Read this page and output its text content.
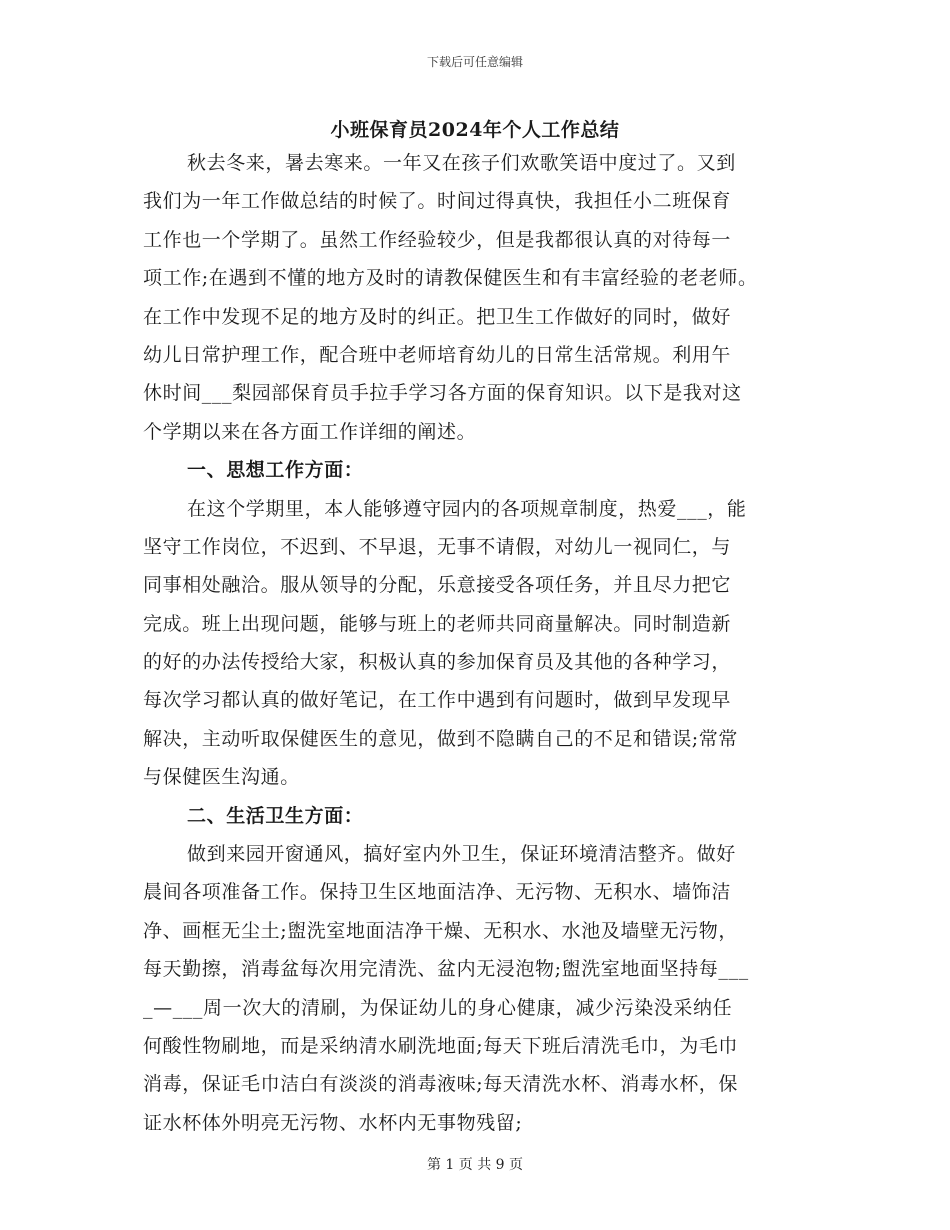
下载后可任意编辑
小班保育员2024年个人工作总结
秋去冬来，暑去寒来。一年又在孩子们欢歌笑语中度过了。又到
我们为一年工作做总结的时候了。时间过得真快，我担任小二班保育
工作也一个学期了。虽然工作经验较少，但是我都很认真的对待每一
项工作;在遇到不懂的地方及时的请教保健医生和有丰富经验的老老师。
在工作中发现不足的地方及时的纠正。把卫生工作做好的同时，做好
幼儿日常护理工作，配合班中老师培育幼儿的日常生活常规。利用午
休时间___梨园部保育员手拉手学习各方面的保育知识。以下是我对这
个学期以来在各方面工作详细的阐述。
一、思想工作方面：
在这个学期里，本人能够遵守园内的各项规章制度，热爱___，能
坚守工作岗位，不迟到、不早退，无事不请假，对幼儿一视同仁，与
同事相处融洽。服从领导的分配，乐意接受各项任务，并且尽力把它
完成。班上出现问题，能够与班上的老师共同商量解决。同时制造新
的好的办法传授给大家，积极认真的参加保育员及其他的各种学习，
每次学习都认真的做好笔记，在工作中遇到有问题时，做到早发现早
解决，主动听取保健医生的意见，做到不隐瞒自己的不足和错误;常常
与保健医生沟通。
二、生活卫生方面：
做到来园开窗通风，搞好室内外卫生，保证环境清洁整齐。做好
晨间各项准备工作。保持卫生区地面洁净、无污物、无积水、墙饰洁
净、画框无尘土;盥洗室地面洁净干燥、无积水、水池及墙壁无污物，
每天勤擦，消毒盆每次用完清洗、盆内无浸泡物;盥洗室地面坚持每___
_—___周一次大的清刷，为保证幼儿的身心健康，减少污染没采纳任
何酸性物刷地，而是采纳清水刷洗地面;每天下班后清洗毛巾，为毛巾
消毒，保证毛巾洁白有淡淡的消毒液味;每天清洗水杯、消毒水杯，保
证水杯体外明亮无污物、水杯内无事物残留;
第 1 页 共 9 页
